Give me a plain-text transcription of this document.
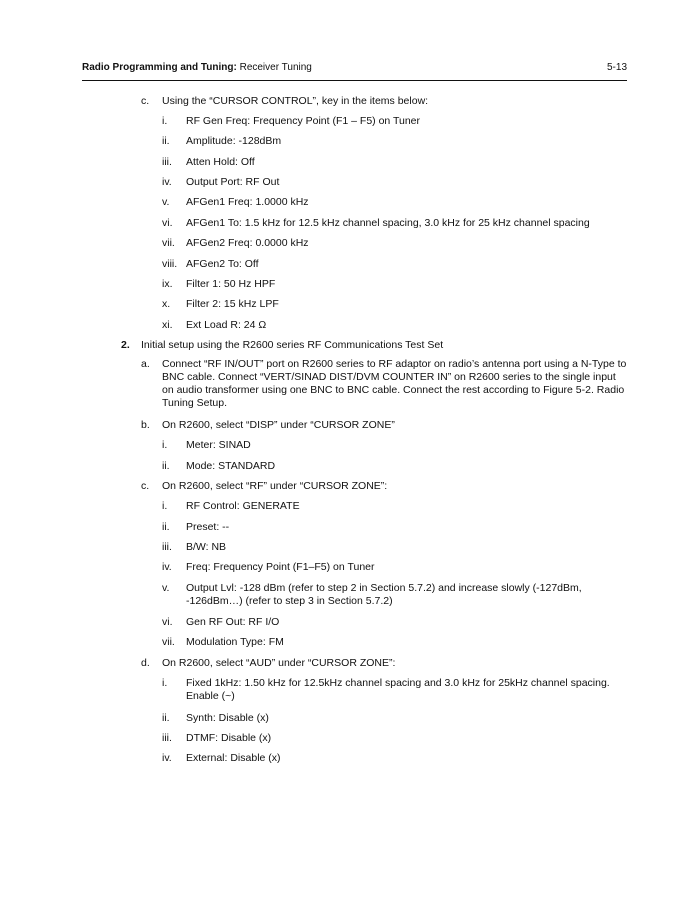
Radio Programming and Tuning: Receiver Tuning	5-13
c. Using the “CURSOR CONTROL”, key in the items below:
i. RF Gen Freq: Frequency Point (F1 – F5) on Tuner
ii. Amplitude: -128dBm
iii. Atten Hold: Off
iv. Output Port: RF Out
v. AFGen1 Freq: 1.0000 kHz
vi. AFGen1 To: 1.5 kHz for 12.5 kHz channel spacing, 3.0 kHz for 25 kHz channel spacing
vii. AFGen2 Freq: 0.0000 kHz
viii. AFGen2 To: Off
ix. Filter 1: 50 Hz HPF
x. Filter 2: 15 kHz LPF
xi. Ext Load R: 24 Ω
2. Initial setup using the R2600 series RF Communications Test Set
a. Connect “RF IN/OUT” port on R2600 series to RF adaptor on radio’s antenna port using a N-Type to BNC cable. Connect “VERT/SINAD DIST/DVM COUNTER IN” on R2600 series to the single input on audio transformer using one BNC to BNC cable. Connect the rest according to Figure 5-2. Radio Tuning Setup.
b. On R2600, select “DISP” under “CURSOR ZONE”
i. Meter: SINAD
ii. Mode: STANDARD
c. On R2600, select “RF” under “CURSOR ZONE”:
i. RF Control: GENERATE
ii. Preset: --
iii. B/W: NB
iv. Freq: Frequency Point (F1–F5) on Tuner
v. Output Lvl: -128 dBm (refer to step 2 in Section 5.7.2) and increase slowly (-127dBm, -126dBm…) (refer to step 3 in Section 5.7.2)
vi. Gen RF Out: RF I/O
vii. Modulation Type: FM
d. On R2600, select “AUD” under “CURSOR ZONE”:
i. Fixed 1kHz: 1.50 kHz for 12.5kHz channel spacing and 3.0 kHz for 25kHz channel spacing. Enable (~)
ii. Synth: Disable (x)
iii. DTMF: Disable (x)
iv. External: Disable (x)
